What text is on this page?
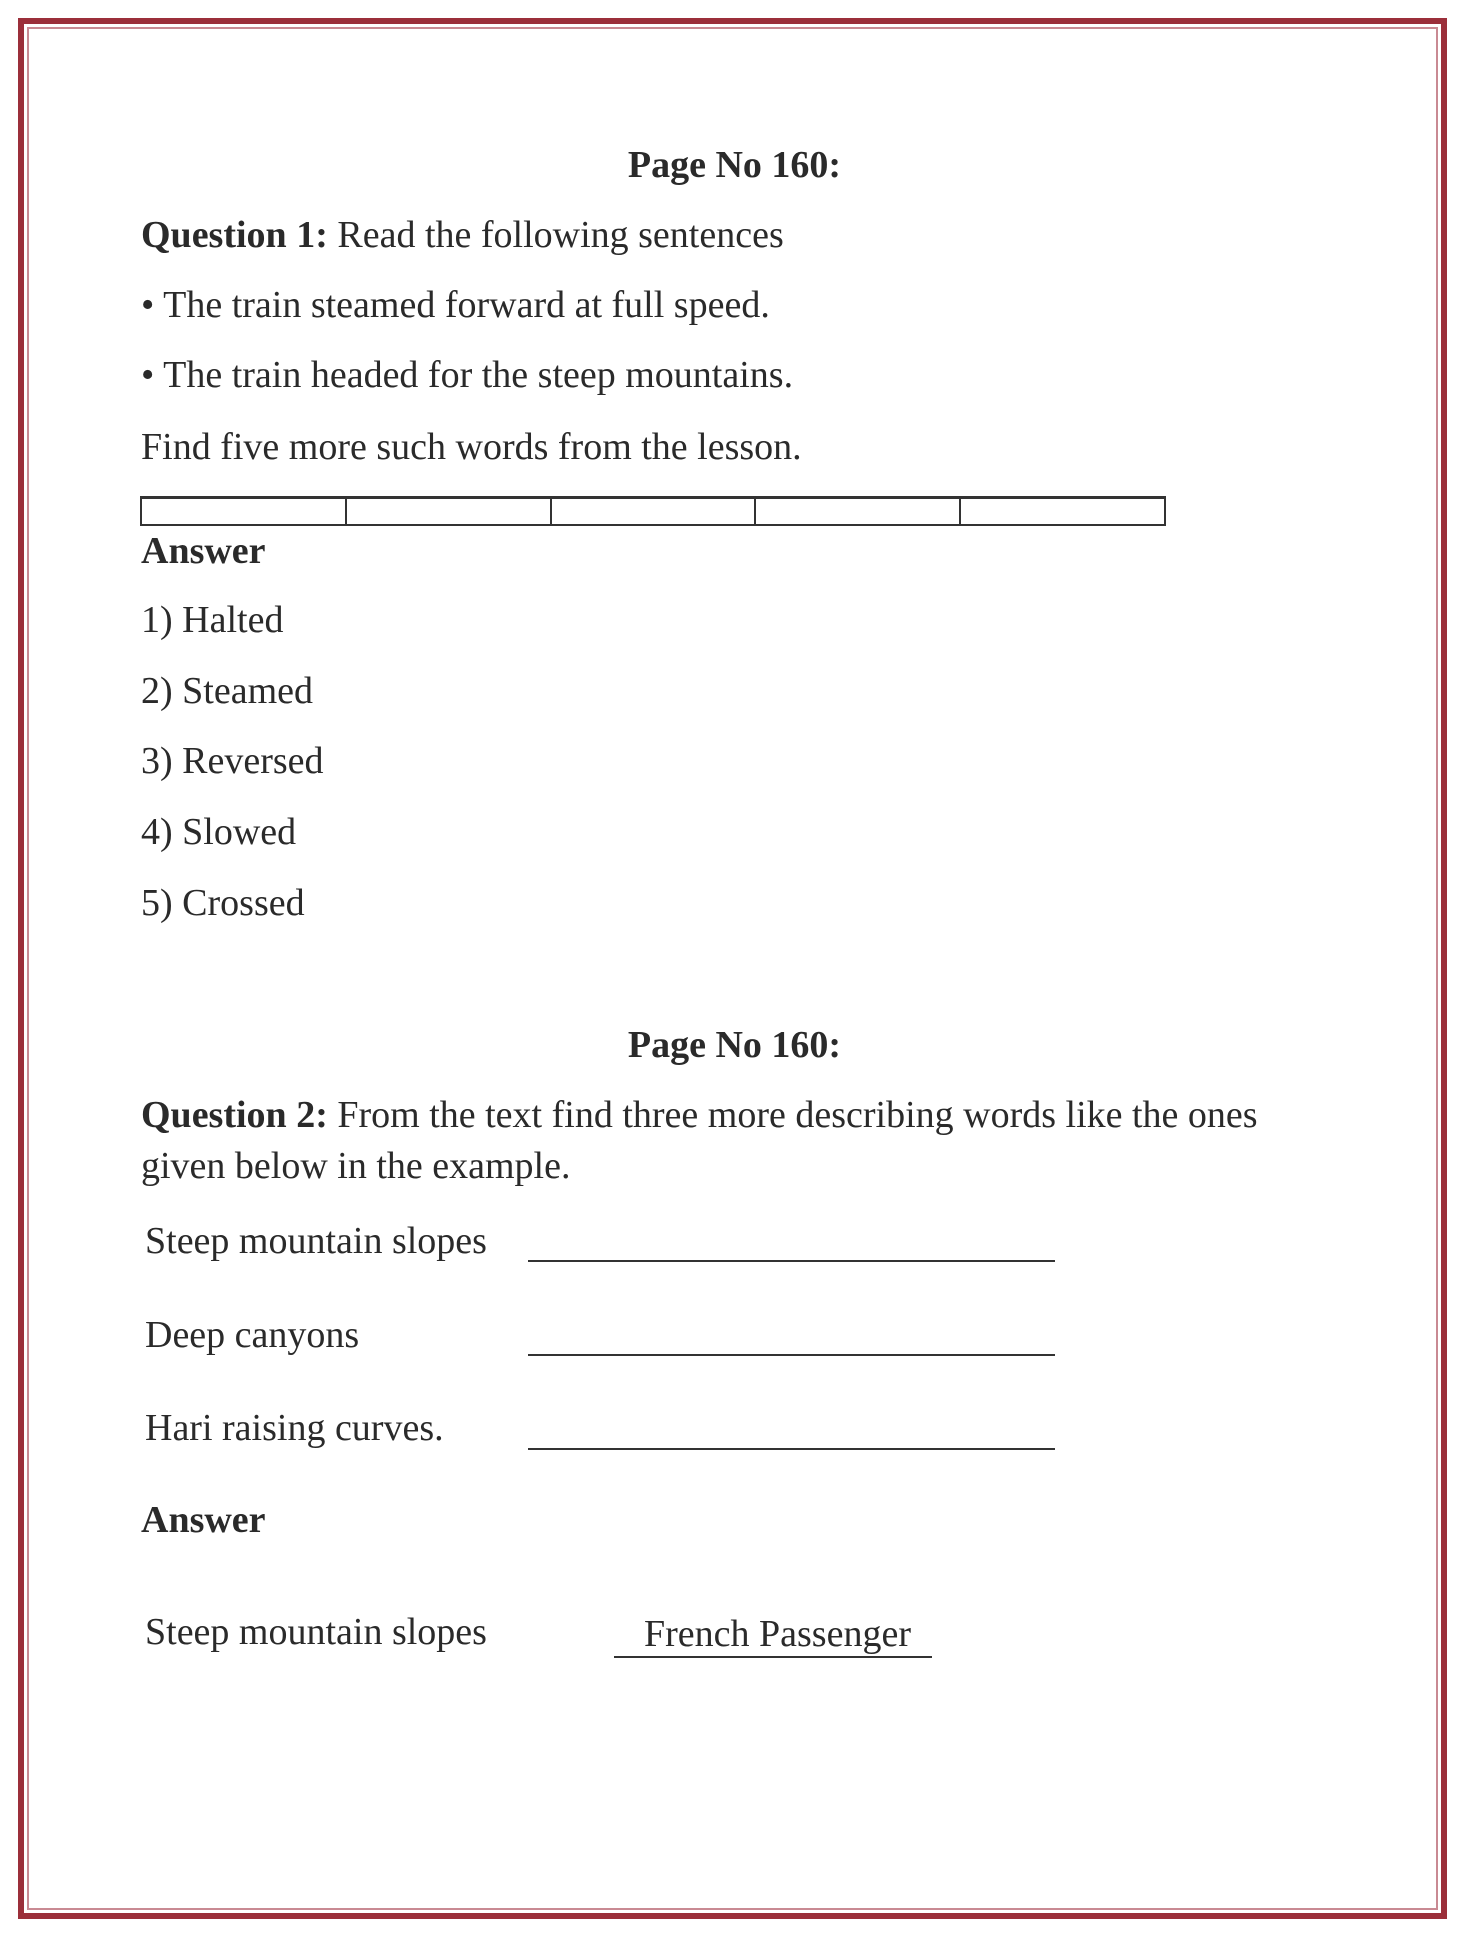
Page No 160:
Question 1: Read the following sentences
• The train steamed forward at full speed.
• The train headed for the steep mountains.
Find five more such words from the lesson.
Answer
1) Halted
2) Steamed
3) Reversed
4) Slowed
5) Crossed
Page No 160:
Question 2: From the text find three more describing words like the ones
given below in the example.
Steep mountain slopes
Deep canyons
Hari raising curves.
Answer
Steep mountain slopes	French Passenger
